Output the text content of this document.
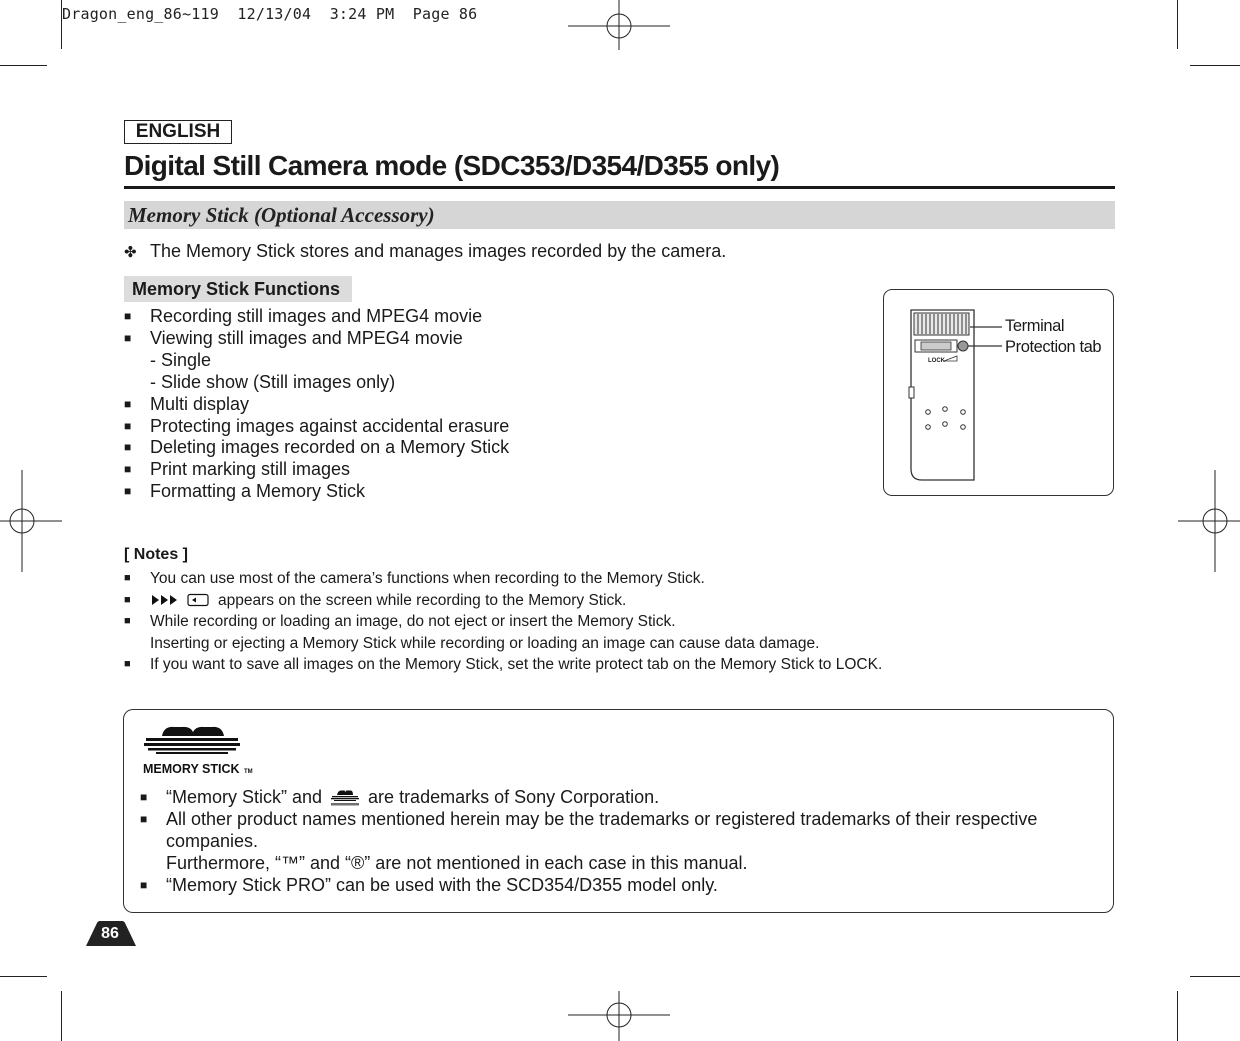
Dragon_eng_86~119  12/13/04  3:24 PM  Page 86
ENGLISH
Digital Still Camera mode (SDC353/D354/D355 only)
Memory Stick (Optional Accessory)
✤ The Memory Stick stores and manages images recorded by the camera.
Memory Stick Functions
■ Recording still images and MPEG4 movie
■ Viewing still images and MPEG4 movie
- Single
- Slide show (Still images only)
■ Multi display
■ Protecting images against accidental erasure
■ Deleting images recorded on a Memory Stick
■ Print marking still images
■ Formatting a Memory Stick
LOCK
Terminal
Protection tab
[ Notes ]
■ You can use most of the camera’s functions when recording to the Memory Stick.
■	appears on the screen while recording to the Memory Stick.
■ While recording or loading an image, do not eject or insert the Memory Stick.
Inserting or ejecting a Memory Stick while recording or loading an image can cause data damage.
■ If you want to save all images on the Memory Stick, set the write protect tab on the Memory Stick to LOCK.
MEMORY STICK TM
■ “Memory Stick” and	are trademarks of Sony Corporation.
■ All other product names mentioned herein may be the trademarks or registered trademarks of their respective
companies.
Furthermore, “™” and “®” are not mentioned in each case in this manual.
■ “Memory Stick PRO” can be used with the SCD354/D355 model only.
86
